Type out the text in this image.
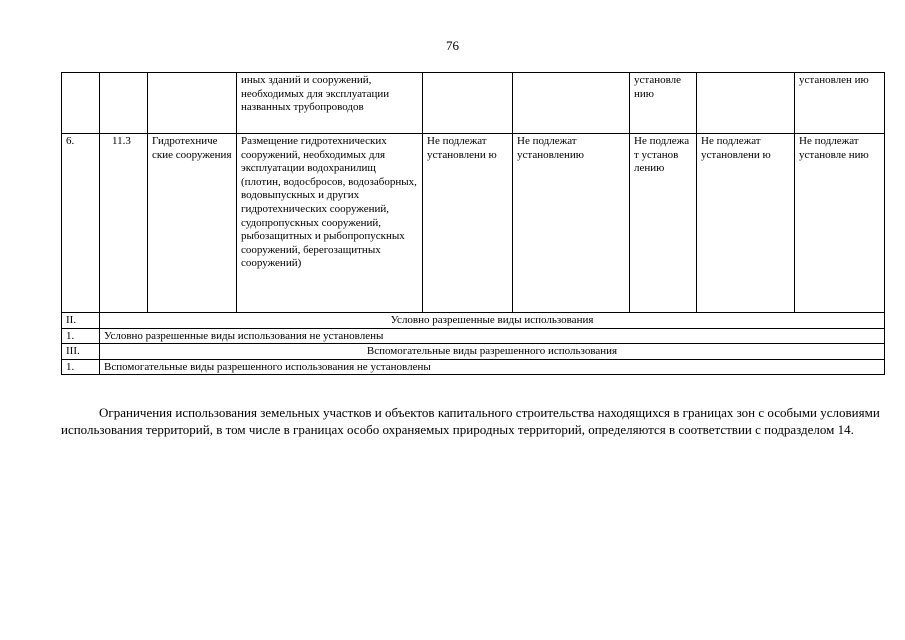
76
			иных зданий и сооружений, необходимых для эксплуатации названных трубопроводов			установле нию		установлен ию
6.	11.3	Гидротехниче ские сооружения	Размещение гидротехнических сооружений, необходимых для эксплуатации водохранилищ (плотин, водосбросов, водозаборных, водовыпускных и других гидротехнических сооружений, судопропускных сооружений, рыбозащитных и рыбопропускных сооружений, берегозащитных сооружений)	Не подлежат установлени ю	Не подлежат установлению	Не подлежа т установ лению	Не подлежат установлени ю	Не подлежат установле нию
II.	Условно разрешенные виды использования							
1.	Условно разрешенные виды использования не установлены							
III.	Вспомогательные виды разрешенного использования							
1.	Вспомогательные виды разрешенного использования не установлены							

Ограничения использования земельных участков и объектов капитального строительства находящихся в границах зон с особыми условиями использования территорий, в том числе в границах особо охраняемых природных территорий, определяются в соответствии с подразделом 14.
